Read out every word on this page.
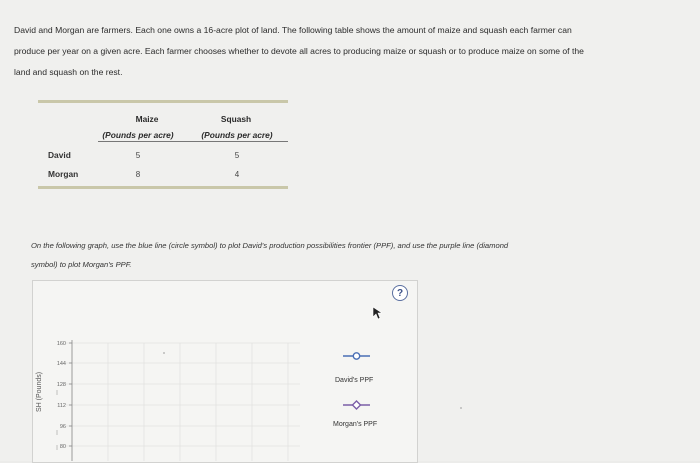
David and Morgan are farmers. Each one owns a 16-acre plot of land. The following table shows the amount of maize and squash each farmer can
produce per year on a given acre. Each farmer chooses whether to devote all acres to producing maize or squash or to produce maize on some of the
land and squash on the rest.
Maize
(Pounds per acre)
Squash
(Pounds per acre)
David	5	5
Morgan	8	4
On the following graph, use the blue line (circle symbol) to plot David's production possibilities frontier (PPF), and use the purple line (diamond
symbol) to plot Morgan's PPF.
160
144
128
112
96
80
David's PPF
Morgan's PPF
SH (Pounds)
?
